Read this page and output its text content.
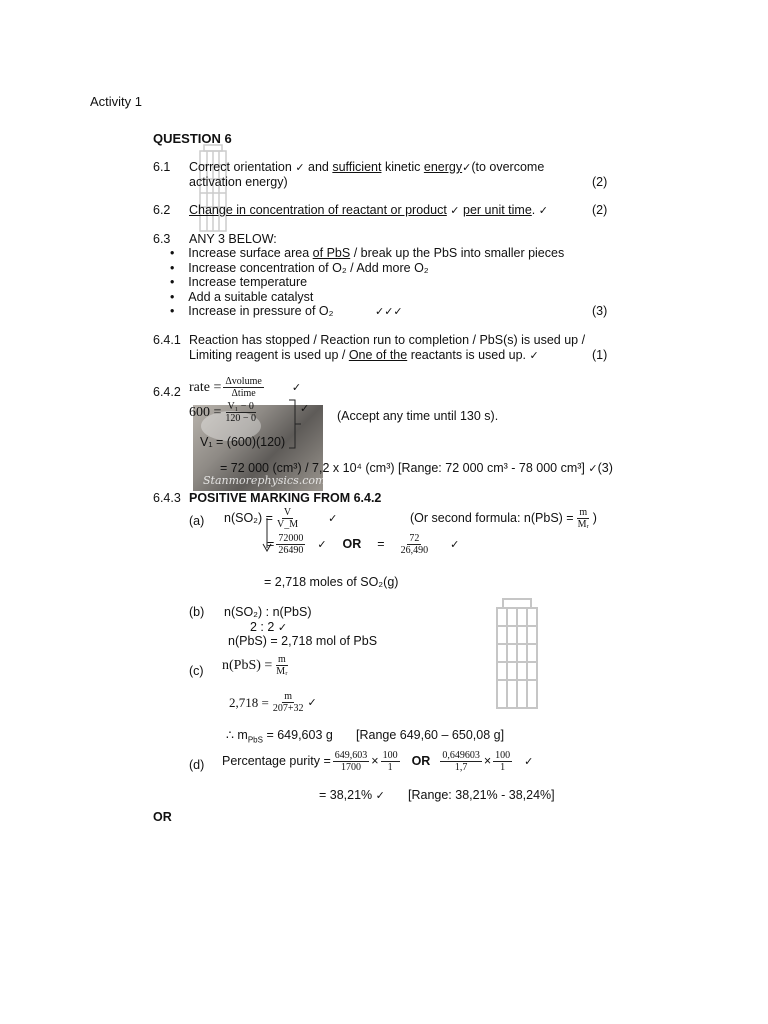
Activity 1
QUESTION 6
6.1 Correct orientation ✓ and sufficient kinetic energy✓(to overcome
activation energy)	(2)
6.2 Change in concentration of reactant or product ✓ per unit time. ✓	(2)
6.3 ANY 3 BELOW:
•    Increase surface area of PbS / break up the PbS into smaller pieces
•    Increase concentration of O₂ / Add more O₂
•    Increase temperature
•    Add a suitable catalyst
•    Increase in pressure of O₂	✓✓✓	(3)
6.4.1 Reaction has stopped / Reaction run to completion / PbS(s) is used up /
Limiting reagent is used up / One of the reactants is used up. ✓	(1)
6.4.2
Stanmorephysics.com
rate = $\frac{\text{Δvolume}}{\text{Δtime}}$	✓
$600 = \frac{\text{V₁ − 0}}{120 - 0}$	✓
(Accept any time until 130 s).
V₁ = (600)(120)
= 72 000 (cm³) / 7,2 x 10⁴ (cm³) [Range: 72 000 cm³ - 78 000 cm³] ✓(3)
6.4.3 POSITIVE MARKING FROM 6.4.2
(a) $n(SO_2) = \frac{V}{V\_M}$	✓	(Or second formula: $n(PbS) = \frac{m}{\text{Mᵣ}}$ )
= $\frac{72000}{26490}$ ✓ OR = $\frac{72}{26,490}$ ✓
= 2,718 moles of SO₂(g)
(b) n(SO₂) : n(PbS)
2 : 2 ✓
n(PbS) = 2,718 mol of PbS
(c) $n(PbS) = \frac{m}{\text{Mᵣ}}$
$2,718 = \frac{m}{207+32}$ ✓
∴ $m_{PbS} = 649,603$ g [Range 649,60 – 650,08 g]
(d) Percentage purity = $\frac{649,603}{1700} \times \frac{100}{1}$ OR $\frac{0,649603}{1,7} \times \frac{100}{1}$ ✓
= 38,21% ✓ [Range: 38,21% - 38,24%]
OR
